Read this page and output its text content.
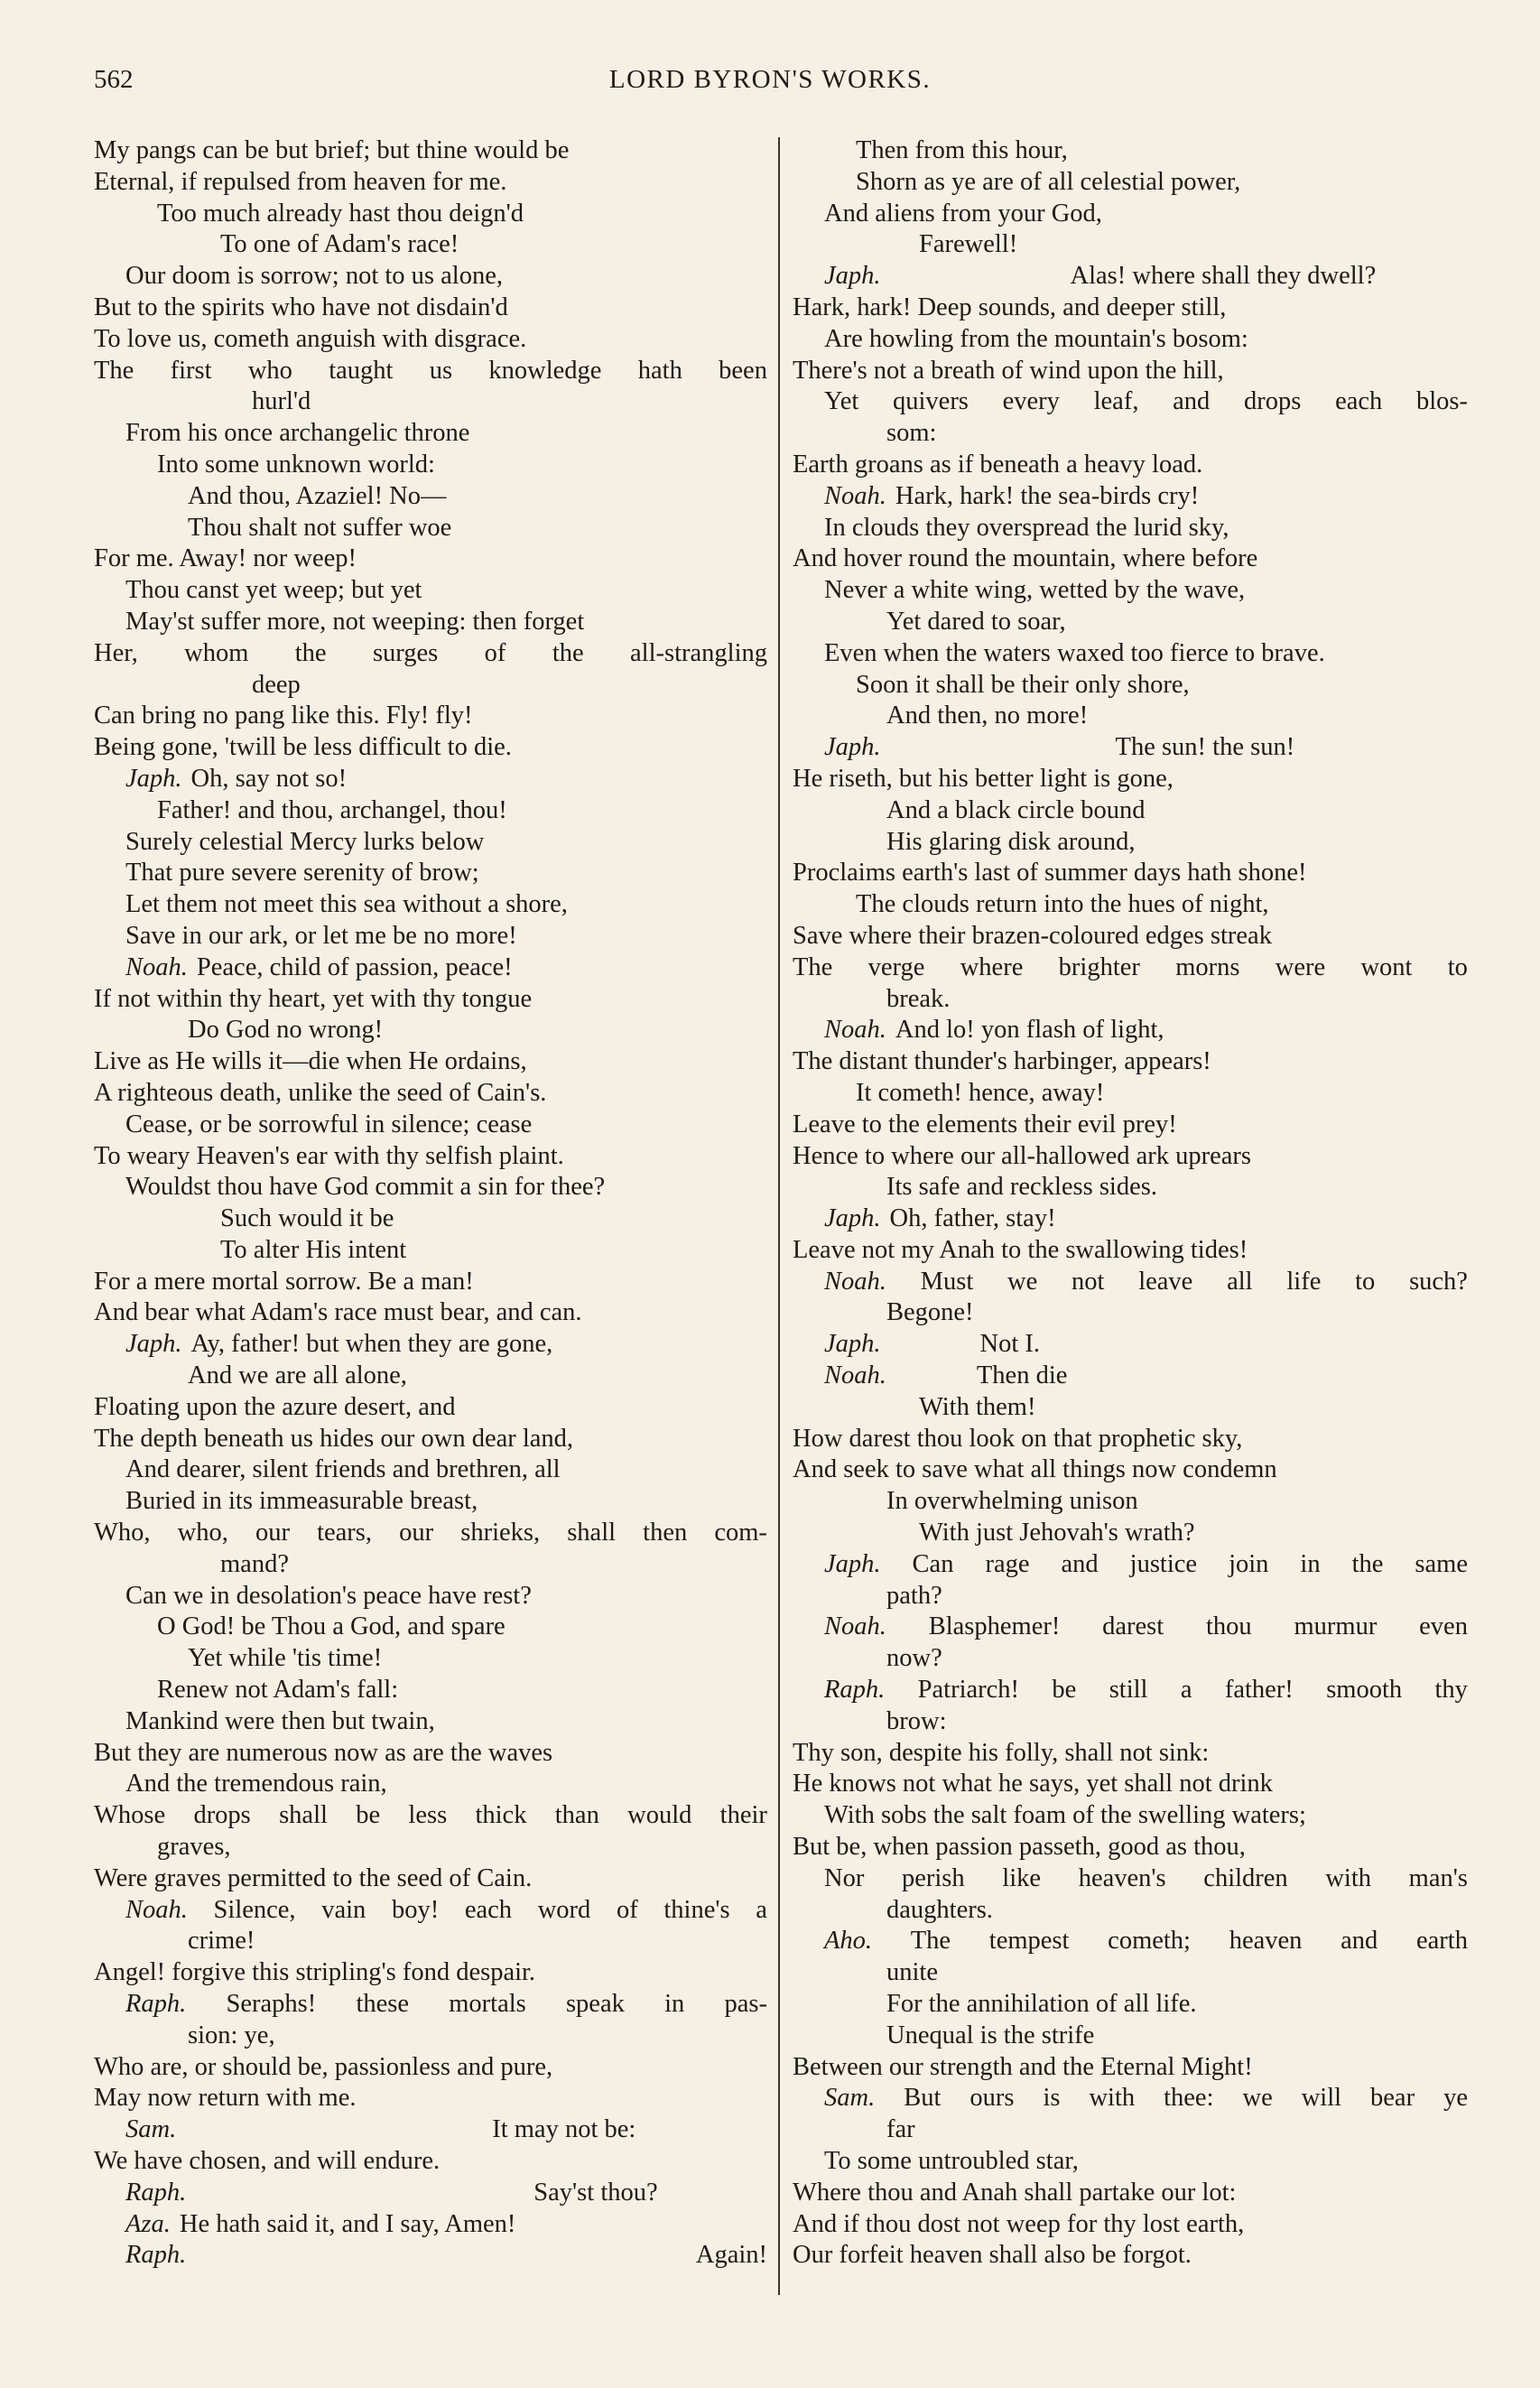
562	LORD BYRON'S WORKS.
My pangs can be but brief; but thine would be
Eternal, if repulsed from heaven for me.
Too much already hast thou deign'd
To one of Adam's race!
Our doom is sorrow; not to us alone,
But to the spirits who have not disdain'd
To love us, cometh anguish with disgrace.
The first who taught us knowledge hath been
hurl'd
From his once archangelic throne
Into some unknown world:
And thou, Azaziel! No—
Thou shalt not suffer woe
For me. Away! nor weep!
Thou canst yet weep; but yet
May'st suffer more, not weeping: then forget
Her, whom the surges of the all-strangling
deep
Can bring no pang like this. Fly! fly!
Being gone, 'twill be less difficult to die.
Japh. Oh, say not so!
Father! and thou, archangel, thou!
Surely celestial Mercy lurks below
That pure severe serenity of brow;
Let them not meet this sea without a shore,
Save in our ark, or let me be no more!
Noah. Peace, child of passion, peace!
If not within thy heart, yet with thy tongue
Do God no wrong!
Live as He wills it—die when He ordains,
A righteous death, unlike the seed of Cain's.
Cease, or be sorrowful in silence; cease
To weary Heaven's ear with thy selfish plaint.
Wouldst thou have God commit a sin for thee?
Such would it be
To alter His intent
For a mere mortal sorrow. Be a man!
And bear what Adam's race must bear, and can.
Japh. Ay, father! but when they are gone,
And we are all alone,
Floating upon the azure desert, and
The depth beneath us hides our own dear land,
And dearer, silent friends and brethren, all
Buried in its immeasurable breast,
Who, who, our tears, our shrieks, shall then com-
mand?
Can we in desolation's peace have rest?
O God! be Thou a God, and spare
Yet while 'tis time!
Renew not Adam's fall:
Mankind were then but twain,
But they are numerous now as are the waves
And the tremendous rain,
Whose drops shall be less thick than would their
graves,
Were graves permitted to the seed of Cain.
Noah. Silence, vain boy! each word of thine's a
crime!
Angel! forgive this stripling's fond despair.
Raph. Seraphs! these mortals speak in pas-
sion: ye,
Who are, or should be, passionless and pure,
May now return with me.
Sam.	It may not be:
We have chosen, and will endure.
Raph.	Say'st thou?
Aza. He hath said it, and I say, Amen!
Raph.	Again!
Then from this hour,
Shorn as ye are of all celestial power,
And aliens from your God,
Farewell!
Japh.	Alas! where shall they dwell?
Hark, hark! Deep sounds, and deeper still,
Are howling from the mountain's bosom:
There's not a breath of wind upon the hill,
Yet quivers every leaf, and drops each blos-
som:
Earth groans as if beneath a heavy load.
Noah. Hark, hark! the sea-birds cry!
In clouds they overspread the lurid sky,
And hover round the mountain, where before
Never a white wing, wetted by the wave,
Yet dared to soar,
Even when the waters waxed too fierce to brave.
Soon it shall be their only shore,
And then, no more!
Japh.	The sun! the sun!
He riseth, but his better light is gone,
And a black circle bound
His glaring disk around,
Proclaims earth's last of summer days hath shone!
The clouds return into the hues of night,
Save where their brazen-coloured edges streak
The verge where brighter morns were wont to
break.
Noah. And lo! yon flash of light,
The distant thunder's harbinger, appears!
It cometh! hence, away!
Leave to the elements their evil prey!
Hence to where our all-hallowed ark uprears
Its safe and reckless sides.
Japh. Oh, father, stay!
Leave not my Anah to the swallowing tides!
Noah. Must we not leave all life to such?
Begone!
Japh.	Not I.
Noah.	Then die
With them!
How darest thou look on that prophetic sky,
And seek to save what all things now condemn
In overwhelming unison
With just Jehovah's wrath?
Japh. Can rage and justice join in the same
path?
Noah. Blasphemer! darest thou murmur even
now?
Raph. Patriarch! be still a father! smooth thy
brow:
Thy son, despite his folly, shall not sink:
He knows not what he says, yet shall not drink
With sobs the salt foam of the swelling waters;
But be, when passion passeth, good as thou,
Nor perish like heaven's children with man's
daughters.
Aho. The tempest cometh; heaven and earth
unite
For the annihilation of all life.
Unequal is the strife
Between our strength and the Eternal Might!
Sam. But ours is with thee: we will bear ye
far
To some untroubled star,
Where thou and Anah shall partake our lot:
And if thou dost not weep for thy lost earth,
Our forfeit heaven shall also be forgot.
